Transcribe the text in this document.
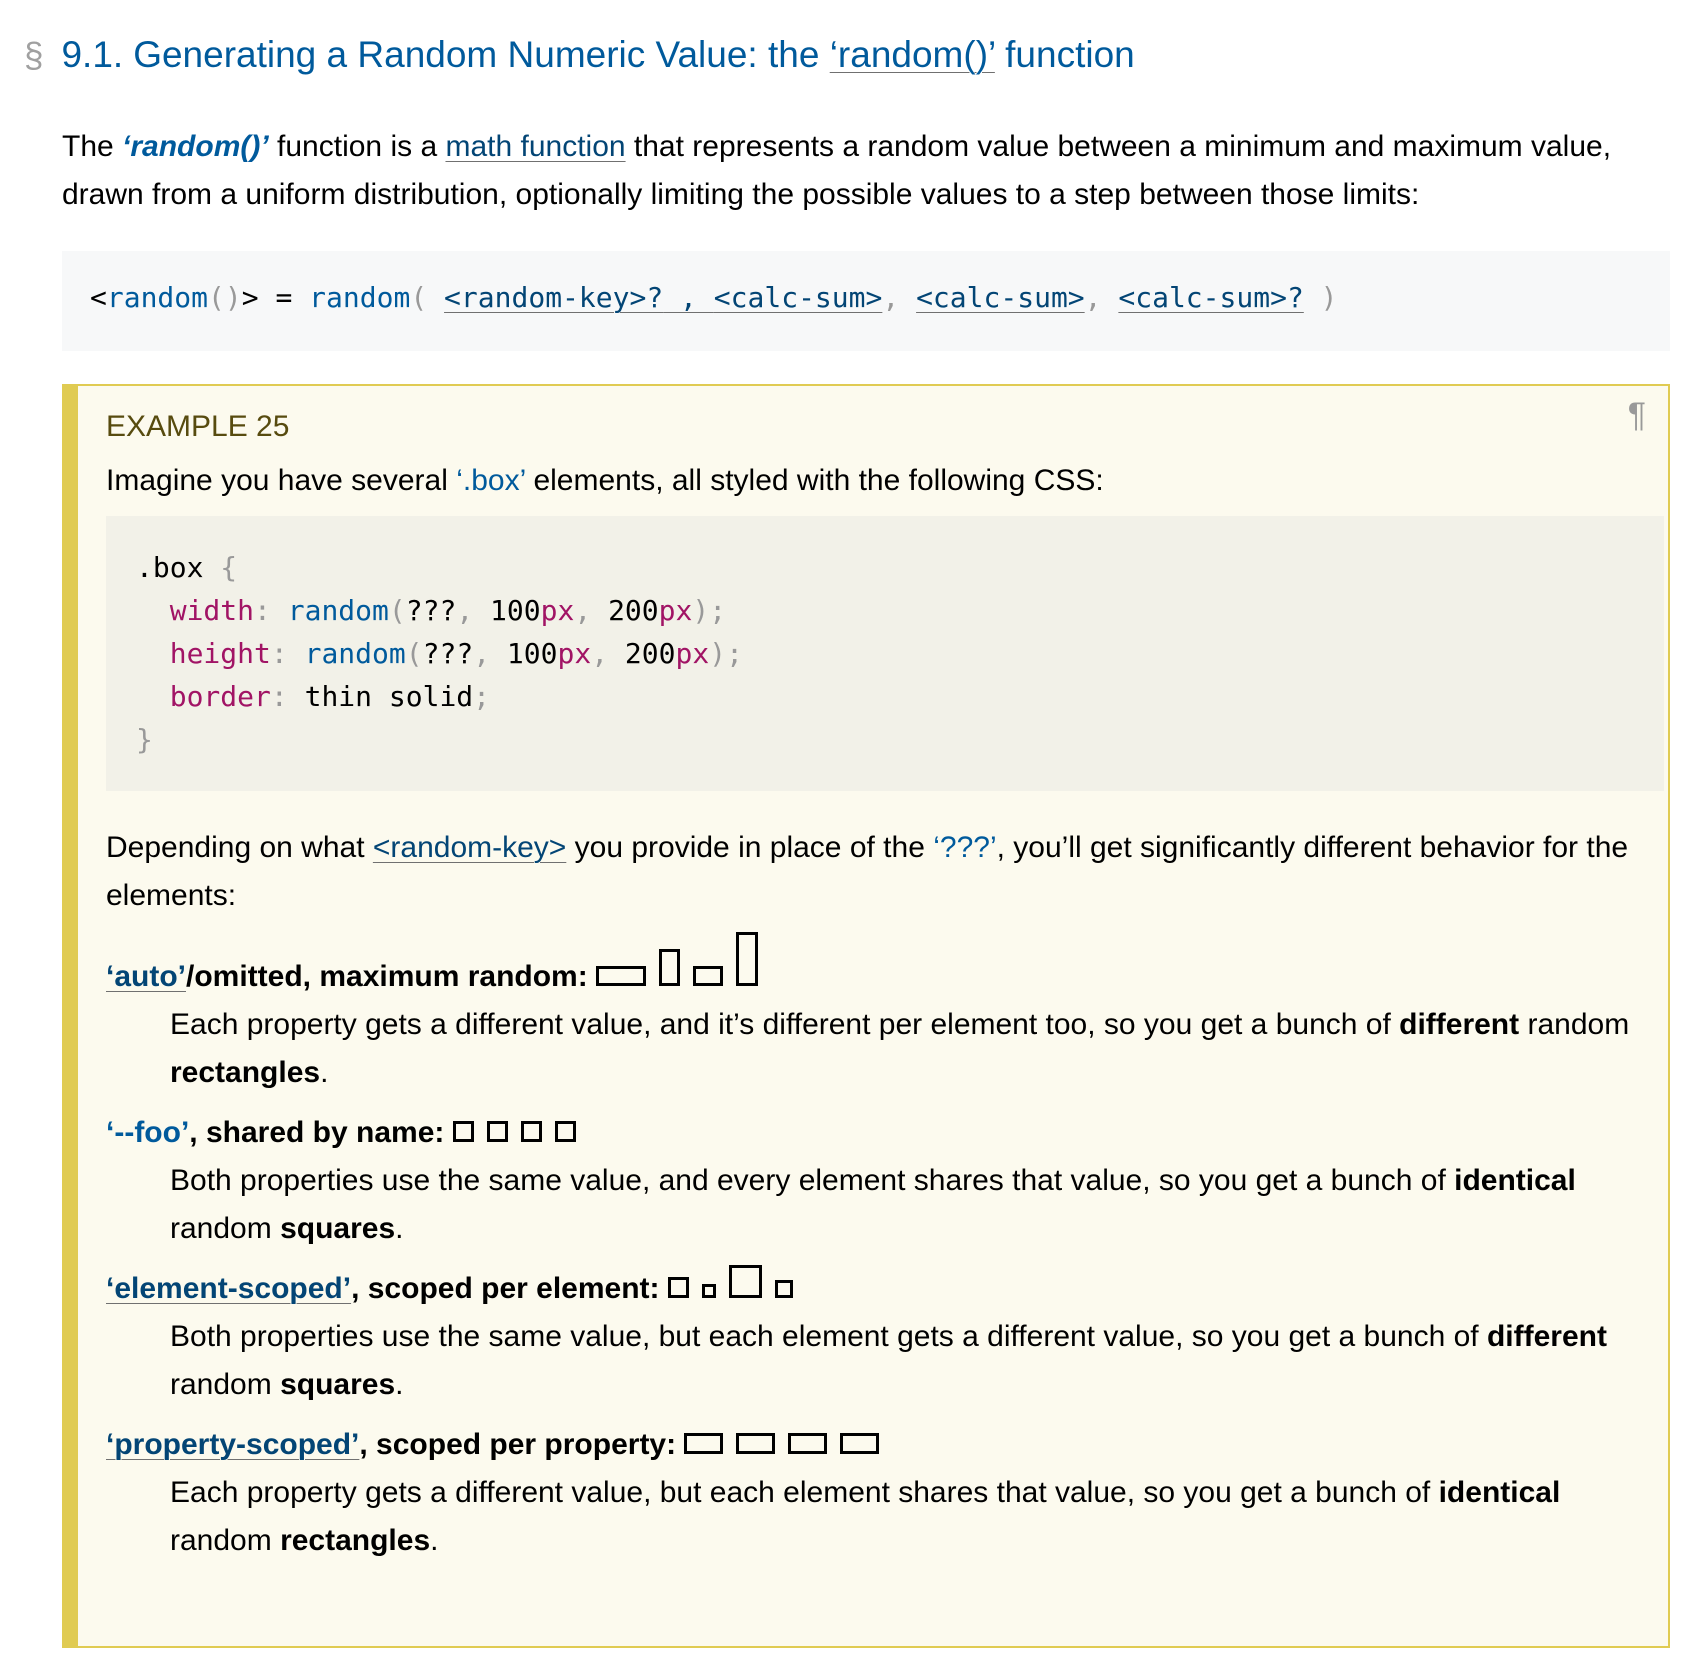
§ 9.1. Generating a Random Numeric Value: the ‘random()’ function

The ‘random()’ function is a math function that represents a random value between a minimum and maximum value, drawn from a uniform distribution, optionally limiting the possible values to a step between those limits:

<random()> = random( <random-key>? , <calc-sum>, <calc-sum>, <calc-sum>? )
EXAMPLE 25	¶

Imagine you have several ‘.box’ elements, all styled with the following CSS:

.box {
width: random(???, 100px, 200px);
height: random(???, 100px, 200px);
border: thin solid;
}

Depending on what <random-key> you provide in place of the ‘???’, you’ll get significantly different behavior for the elements:

‘auto’/omitted, maximum random:

Each property gets a different value, and it’s different per element too, so you get a bunch of different random rectangles.

‘--foo’, shared by name:

Both properties use the same value, and every element shares that value, so you get a bunch of identical random squares.

‘element-scoped’, scoped per element:

Both properties use the same value, but each element gets a different value, so you get a bunch of different random squares.

‘property-scoped’, scoped per property:

Each property gets a different value, but each element shares that value, so you get a bunch of identical random rectangles.
